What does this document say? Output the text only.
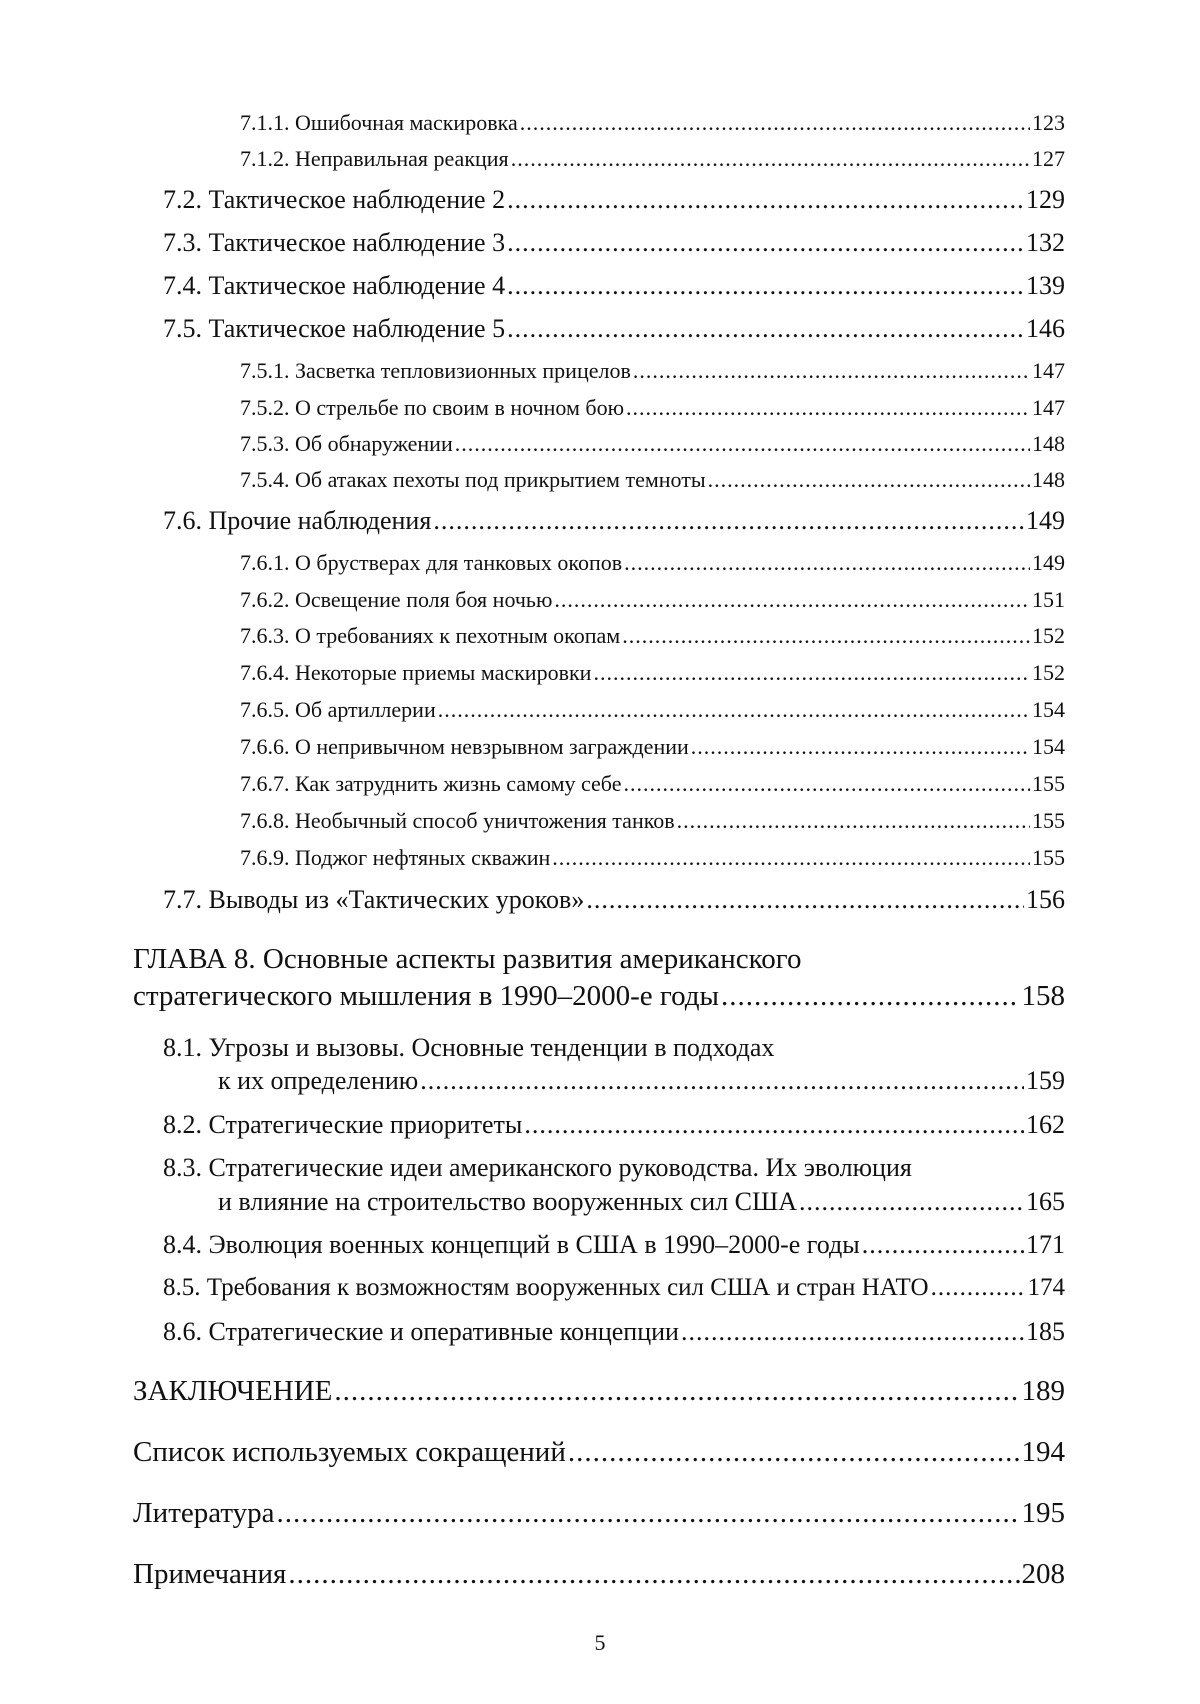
7.1.1. Ошибочная маскировка .....	123
7.1.2. Неправильная реакция .....	127
7.2. Тактическое наблюдение 2 .....	129
7.3. Тактическое наблюдение 3 .....	132
7.4. Тактическое наблюдение 4 .....	139
7.5. Тактическое наблюдение 5 .....	146
7.5.1. Засветка тепловизионных прицелов .....	147
7.5.2. О стрельбе по своим в ночном бою .....	147
7.5.3. Об обнаружении .....	148
7.5.4. Об атаках пехоты под прикрытием темноты .....	148
7.6. Прочие наблюдения .....	149
7.6.1. О брустверах для танковых окопов .....	149
7.6.2. Освещение поля боя ночью .....	151
7.6.3. О требованиях к пехотным окопам .....	152
7.6.4. Некоторые приемы маскировки .....	152
7.6.5. Об артиллерии .....	154
7.6.6. О непривычном невзрывном заграждении .....	154
7.6.7. Как затруднить жизнь самому себе .....	155
7.6.8. Необычный способ уничтожения танков .....	155
7.6.9. Поджог нефтяных скважин .....	155
7.7. Выводы из «Тактических уроков» .....	156
ГЛАВА 8. Основные аспекты развития американского
стратегического мышления в 1990–2000-е годы .....	158
8.1. Угрозы и вызовы. Основные тенденции в подходах
к их определению .....	159
8.2. Стратегические приоритеты .....	162
8.3. Стратегические идеи американского руководства. Их эволюция
и влияние на строительство вооруженных сил США .....	165
8.4. Эволюция военных концепций в США в 1990–2000-е годы .....	171
8.5. Требования к возможностям вооруженных сил США и стран НАТО .....	174
8.6. Стратегические и оперативные концепции .....	185
ЗАКЛЮЧЕНИЕ .....	189
Список используемых сокращений .....	194
Литература .....	195
Примечания .....	208
5
